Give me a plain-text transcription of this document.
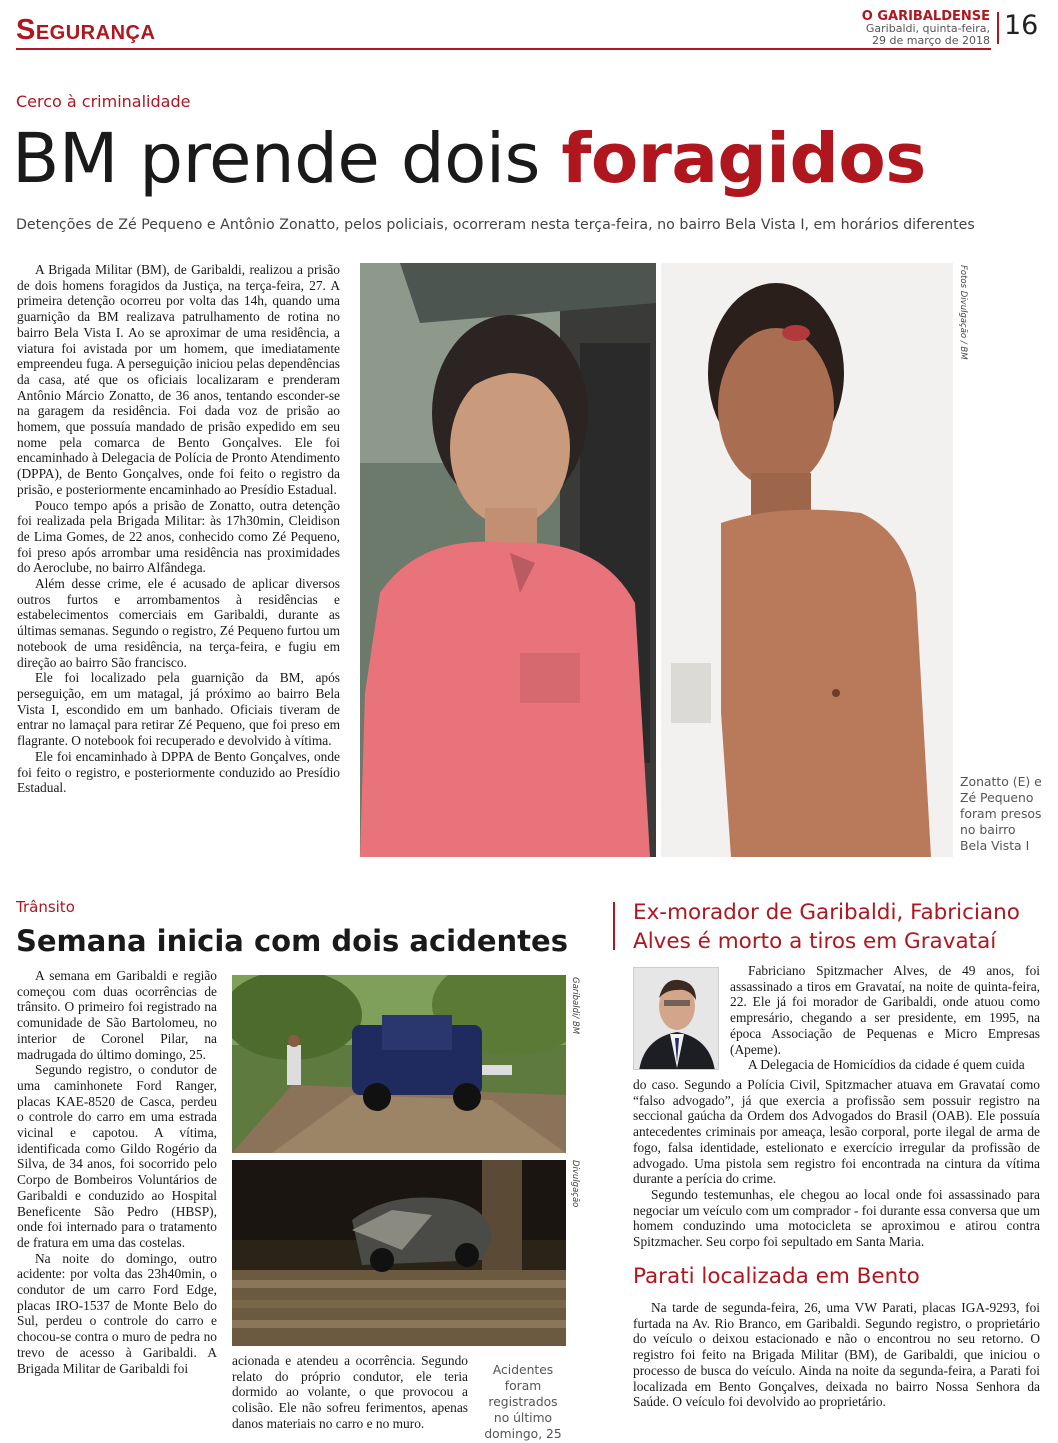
Segurança	O GARIBALDENSE
Garibaldi, quinta-feira,
29 de março de 2018 16
Cerco à criminalidade
BM prende dois foragidos
Detenções de Zé Pequeno e Antônio Zonatto, pelos policiais, ocorreram nesta terça-feira, no bairro Bela Vista I, em horários diferentes

A Brigada Militar (BM), de Garibaldi, realizou a prisão de dois homens foragidos da Justiça, na terça-feira, 27. A primeira detenção ocorreu por volta das 14h, quando uma guarnição da BM realizava patrulhamento de rotina no bairro Bela Vista I. Ao se aproximar de uma residência, a viatura foi avistada por um homem, que imediatamente empreendeu fuga. A perseguição iniciou pelas dependências da casa, até que os oficiais localizaram e prenderam Antônio Márcio Zonatto, de 36 anos, tentando esconder-se na garagem da residência. Foi dada voz de prisão ao homem, que possuía mandado de prisão expedido em seu nome pela comarca de Bento Gonçalves. Ele foi encaminhado à Delegacia de Polícia de Pronto Atendimento (DPPA), de Bento Gonçalves, onde foi feito o registro da prisão, e posteriormente encaminhado ao Presídio Estadual.

Pouco tempo após a prisão de Zonatto, outra detenção foi realizada pela Brigada Militar: às 17h30min, Cleidison de Lima Gomes, de 22 anos, conhecido como Zé Pequeno, foi preso após arrombar uma residência nas proximidades do Aeroclube, no bairro Alfândega.

Além desse crime, ele é acusado de aplicar diversos outros furtos e arrombamentos à residências e estabelecimentos comerciais em Garibaldi, durante as últimas semanas. Segundo o registro, Zé Pequeno furtou um notebook de uma residência, na terça-feira, e fugiu em direção ao bairro São francisco.

Ele foi localizado pela guarnição da BM, após perseguição, em um matagal, já próximo ao bairro Bela Vista I, escondido em um banhado. Oficiais tiveram de entrar no lamaçal para retirar Zé Pequeno, que foi preso em flagrante. O notebook foi recuperado e devolvido à vítima.

Ele foi encaminhado à DPPA de Bento Gonçalves, onde foi feito o registro, e posteriormente conduzido ao Presídio Estadual.

Fotos Divulgação / BM
Zonatto (E) e
Zé Pequeno
foram presos
no bairro
Bela Vista I
Trânsito
Semana inicia com dois acidentes

A semana em Garibaldi e região começou com duas ocorrências de trânsito. O primeiro foi registrado na comunidade de São Bartolomeu, no interior de Coronel Pilar, na madrugada do último domingo, 25.

Segundo registro, o condutor de uma caminhonete Ford Ranger, placas KAE-8520 de Casca, perdeu o controle do carro em uma estrada vicinal e capotou. A vítima, identificada como Gildo Rogério da Silva, de 34 anos, foi socorrido pelo Corpo de Bombeiros Voluntários de Garibaldi e conduzido ao Hospital Beneficente São Pedro (HBSP), onde foi internado para o tratamento de fratura em uma das costelas.

Na noite do domingo, outro acidente: por volta das 23h40min, o condutor de um carro Ford Edge, placas IRO-1537 de Monte Belo do Sul, perdeu o controle do carro e chocou-se contra o muro de pedra no trevo de acesso à Garibaldi. A Brigada Militar de Garibaldi foi

acionada e atendeu a ocorrência. Segundo relato do próprio condutor, ele teria dormido ao volante, o que provocou a colisão. Ele não sofreu ferimentos, apenas danos materiais no carro e no muro.

Garibaldi/ BM
Divulgação
Acidentes foram registrados no último domingo, 25
Ex-morador de Garibaldi, Fabriciano Alves é morto a tiros em Gravataí

Fabriciano Spitzmacher Alves, de 49 anos, foi assassinado a tiros em Gravataí, na noite de quinta-feira, 22. Ele já foi morador de Garibaldi, onde atuou como empresário, chegando a ser presidente, em 1995, na época Associação de Pequenas e Micro Empresas (Apeme).

A Delegacia de Homicídios da cidade é quem cuida

do caso. Segundo a Polícia Civil, Spitzmacher atuava em Gravataí como “falso advogado”, já que exercia a profissão sem possuir registro na seccional gaúcha da Ordem dos Advogados do Brasil (OAB). Ele possuía antecedentes criminais por ameaça, lesão corporal, porte ilegal de arma de fogo, falsa identidade, estelionato e exercício irregular da profissão de advogado. Uma pistola sem registro foi encontrada na cintura da vítima durante a perícia do crime.

Segundo testemunhas, ele chegou ao local onde foi assassinado para negociar um veículo com um comprador - foi durante essa conversa que um homem conduzindo uma motocicleta se aproximou e atirou contra Spitzmacher. Seu corpo foi sepultado em Santa Maria.

Parati localizada em Bento

Na tarde de segunda-feira, 26, uma VW Parati, placas IGA-9293, foi furtada na Av. Rio Branco, em Garibaldi. Segundo registro, o proprietário do veículo o deixou estacionado e não o encontrou no seu retorno. O registro foi feito na Brigada Militar (BM), de Garibaldi, que iniciou o processo de busca do veículo. Ainda na noite da segunda-feira, a Parati foi localizada em Bento Gonçalves, deixada no bairro Nossa Senhora da Saúde. O veículo foi devolvido ao proprietário.
